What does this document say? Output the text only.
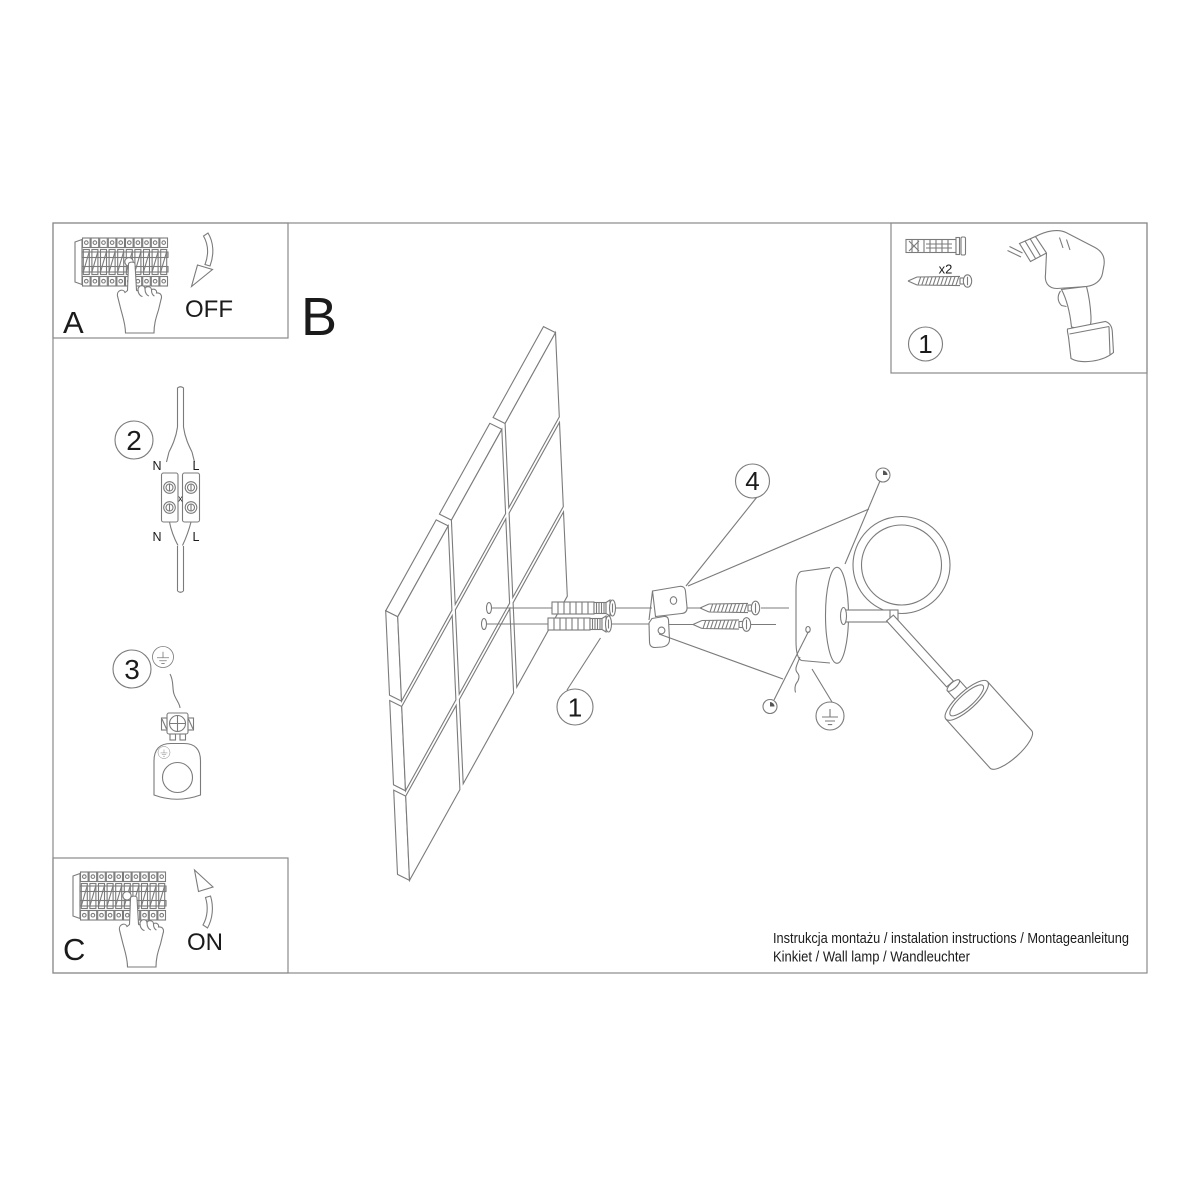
OFF
A
ON
C
B
x2
1
2
N L
x
N L
3
1
4
Instrukcja montażu / instalation instructions / Montageanleitung
Kinkiet / Wall lamp / Wandleuchter
